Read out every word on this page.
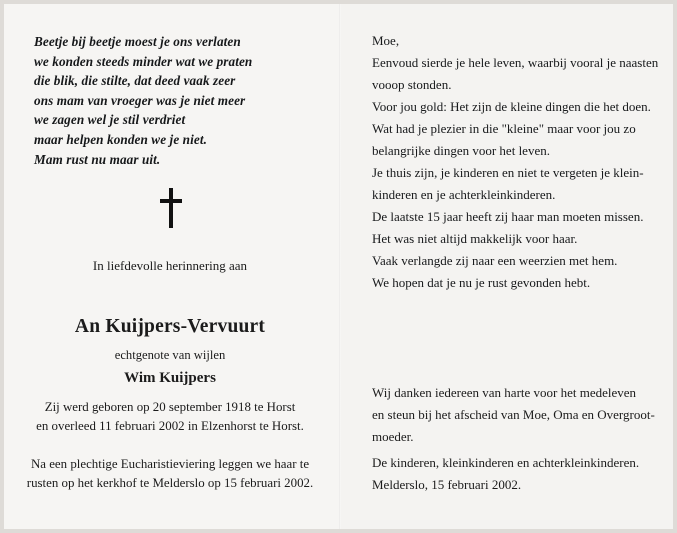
Beetje bij beetje moest je ons verlaten
we konden steeds minder wat we praten
die blik, die stilte, dat deed vaak zeer
ons mam van vroeger was je niet meer
we zagen wel je stil verdriet
maar helpen konden we je niet.
Mam rust nu maar uit.
In liefdevolle herinnering aan
An Kuijpers-Vervuurt
echtgenote van wijlen
Wim Kuijpers
Zij werd geboren op 20 september 1918 te Horst
en overleed 11 februari 2002 in Elzenhorst te Horst.
Na een plechtige Eucharistieviering leggen we haar te
rusten op het kerkhof te Melderslo op 15 februari 2002.

Moe,

Eenvoud sierde je hele leven, waarbij vooral je naasten

vooop stonden.

Voor jou gold: Het zijn de kleine dingen die het doen.

Wat had je plezier in die "kleine" maar voor jou zo

belangrijke dingen voor het leven.

Je thuis zijn, je kinderen en niet te vergeten je klein-

kinderen en je achterkleinkinderen.

De laatste 15 jaar heeft zij haar man moeten missen.

Het was niet altijd makkelijk voor haar.

Vaak verlangde zij naar een weerzien met hem.

We hopen dat je nu je rust gevonden hebt.

Wij danken iedereen van harte voor het medeleven
en steun bij het afscheid van Moe, Oma en Overgroot-
moeder.
De kinderen, kleinkinderen en achterkleinkinderen.
Melderslo, 15 februari 2002.
